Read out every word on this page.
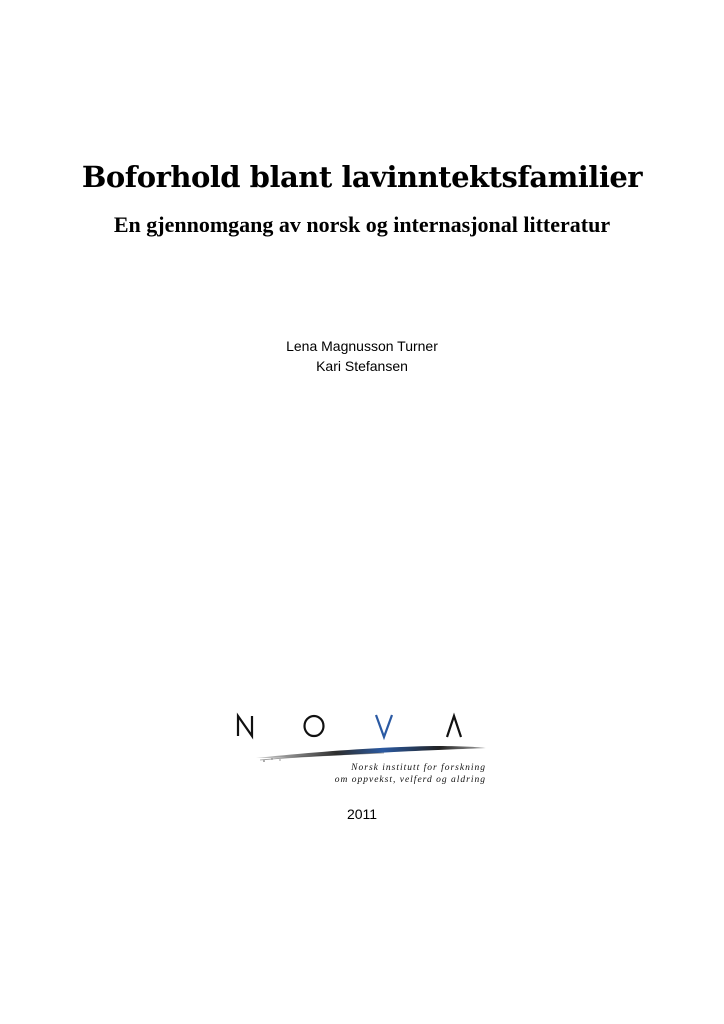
Boforhold blant lavinntektsfamilier
En gjennomgang av norsk og internasjonal litteratur
Lena Magnusson Turner
Kari Stefansen
Norsk institutt for forskning
om oppvekst, velferd og aldring
2011
